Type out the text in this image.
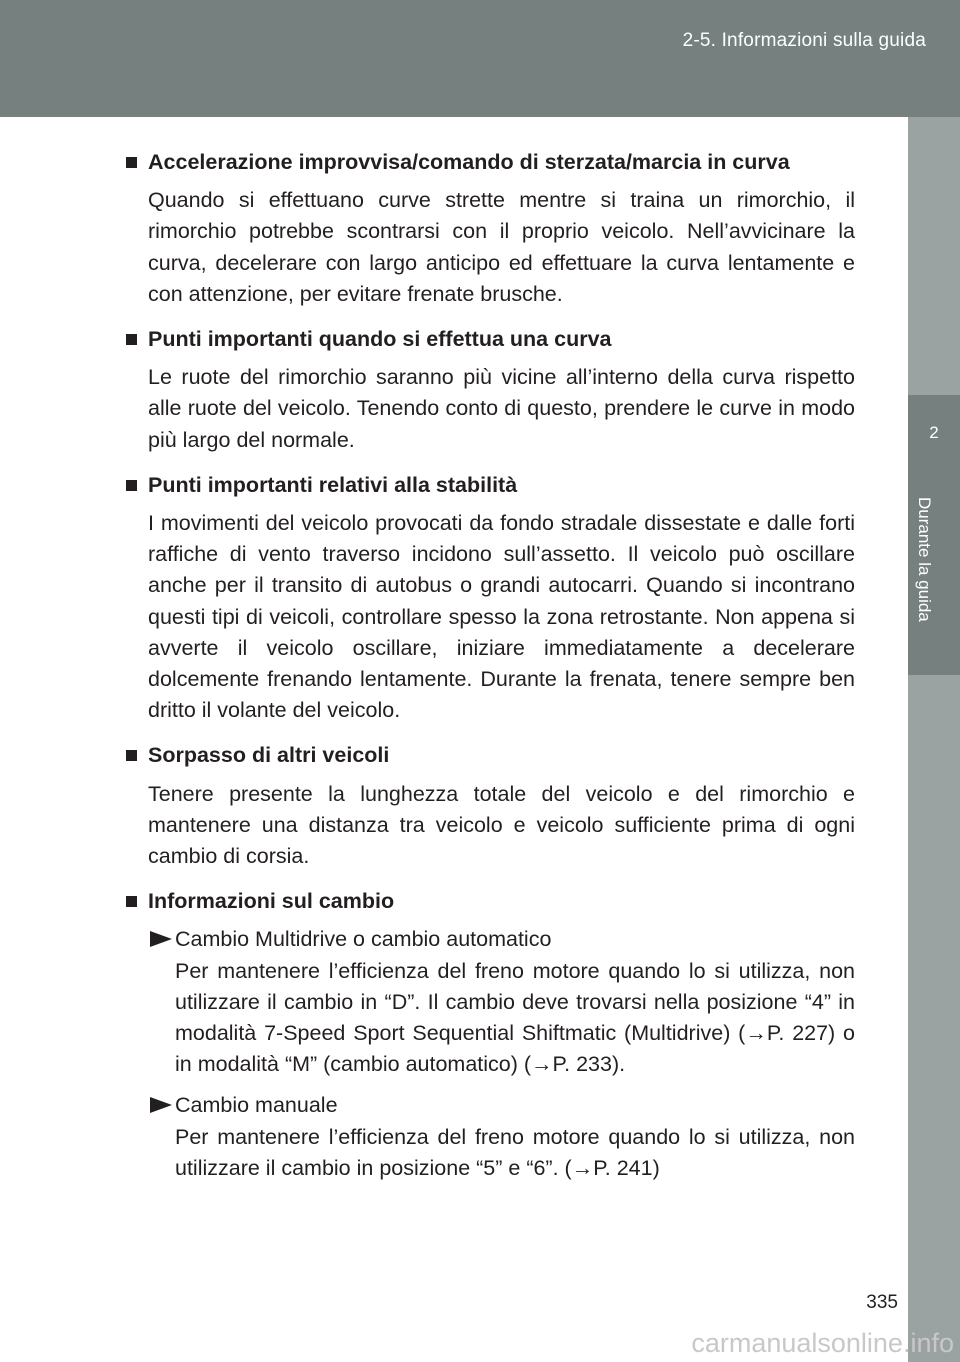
2-5. Informazioni sulla guida
2
Durante la guida
Accelerazione improvvisa/comando di sterzata/marcia in curva
Quando si effettuano curve strette mentre si traina un rimorchio, il rimorchio potrebbe scontrarsi con il proprio veicolo. Nell’avvicinare la curva, decelerare con largo anticipo ed effettuare la curva lentamente e con attenzione, per evitare frenate brusche.
Punti importanti quando si effettua una curva
Le ruote del rimorchio saranno più vicine all’interno della curva rispetto alle ruote del veicolo. Tenendo conto di questo, prendere le curve in modo più largo del normale.
Punti importanti relativi alla stabilità
I movimenti del veicolo provocati da fondo stradale dissestate e dalle forti raffiche di vento traverso incidono sull’assetto. Il veicolo può oscillare anche per il transito di autobus o grandi autocarri. Quando si incontrano questi tipi di veicoli, controllare spesso la zona retrostante. Non appena si avverte il veicolo oscillare, iniziare immediatamente a decelerare dolcemente frenando lentamente. Durante la frenata, tenere sempre ben dritto il volante del veicolo.
Sorpasso di altri veicoli
Tenere presente la lunghezza totale del veicolo e del rimorchio e mantenere una distanza tra veicolo e veicolo sufficiente prima di ogni cambio di corsia.
Informazioni sul cambio
Cambio Multidrive o cambio automatico
Per mantenere l’efficienza del freno motore quando lo si utilizza, non utilizzare il cambio in “D”. Il cambio deve trovarsi nella posizione “4” in modalità 7-Speed Sport Sequential Shiftmatic (Multidrive) (→P. 227) o in modalità “M” (cambio automatico) (→P. 233).
Cambio manuale
Per mantenere l’efficienza del freno motore quando lo si utilizza, non utilizzare il cambio in posizione “5” e “6”. (→P. 241)
335
carmanualsonline.info
